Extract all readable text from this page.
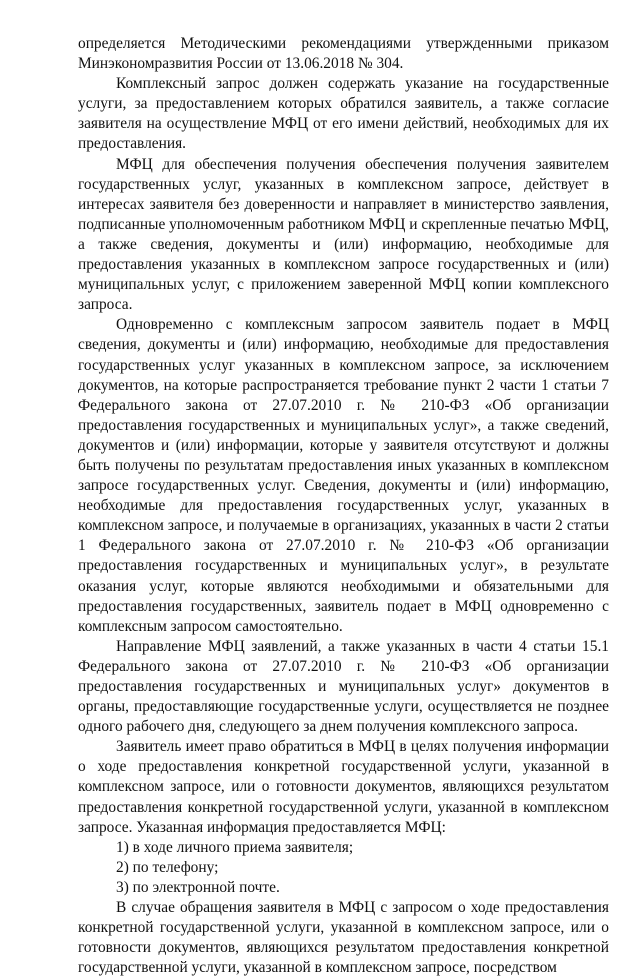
определяется Методическими рекомендациями утвержденными приказом Минэкономразвития России от 13.06.2018 № 304.

Комплексный запрос должен содержать указание на государственные услуги, за предоставлением которых обратился заявитель, а также согласие заявителя на осуществление МФЦ от его имени действий, необходимых для их предоставления.

МФЦ для обеспечения получения обеспечения получения заявителем государственных услуг, указанных в комплексном запросе, действует в интересах заявителя без доверенности и направляет в министерство заявления, подписанные уполномоченным работником МФЦ и скрепленные печатью МФЦ, а также сведения, документы и (или) информацию, необходимые для предоставления указанных в комплексном запросе государственных и (или) муниципальных услуг, с приложением заверенной МФЦ копии комплексного запроса.

Одновременно с комплексным запросом заявитель подает в МФЦ сведения, документы и (или) информацию, необходимые для предоставления государственных услуг указанных в комплексном запросе, за исключением документов, на которые распространяется требование пункт 2 части 1 статьи 7 Федерального закона от 27.07.2010 г. № 210-ФЗ «Об организации предоставления государственных и муниципальных услуг», а также сведений, документов и (или) информации, которые у заявителя отсутствуют и должны быть получены по результатам предоставления иных указанных в комплексном запросе государственных услуг. Сведения, документы и (или) информацию, необходимые для предоставления государственных услуг, указанных в комплексном запросе, и получаемые в организациях, указанных в части 2 статьи 1 Федерального закона от 27.07.2010 г. № 210-ФЗ «Об организации предоставления государственных и муниципальных услуг», в результате оказания услуг, которые являются необходимыми и обязательными для предоставления государственных, заявитель подает в МФЦ одновременно с комплексным запросом самостоятельно.

Направление МФЦ заявлений, а также указанных в части 4 статьи 15.1 Федерального закона от 27.07.2010 г. № 210-ФЗ «Об организации предоставления государственных и муниципальных услуг» документов в органы, предоставляющие государственные услуги, осуществляется не позднее одного рабочего дня, следующего за днем получения комплексного запроса.

Заявитель имеет право обратиться в МФЦ в целях получения информации о ходе предоставления конкретной государственной услуги, указанной в комплексном запросе, или о готовности документов, являющихся результатом предоставления конкретной государственной услуги, указанной в комплексном запросе. Указанная информация предоставляется МФЦ:

1) в ходе личного приема заявителя;

2) по телефону;

3) по электронной почте.

В случае обращения заявителя в МФЦ с запросом о ходе предоставления конкретной государственной услуги, указанной в комплексном запросе, или о готовности документов, являющихся результатом предоставления конкретной государственной услуги, указанной в комплексном запросе, посредством
